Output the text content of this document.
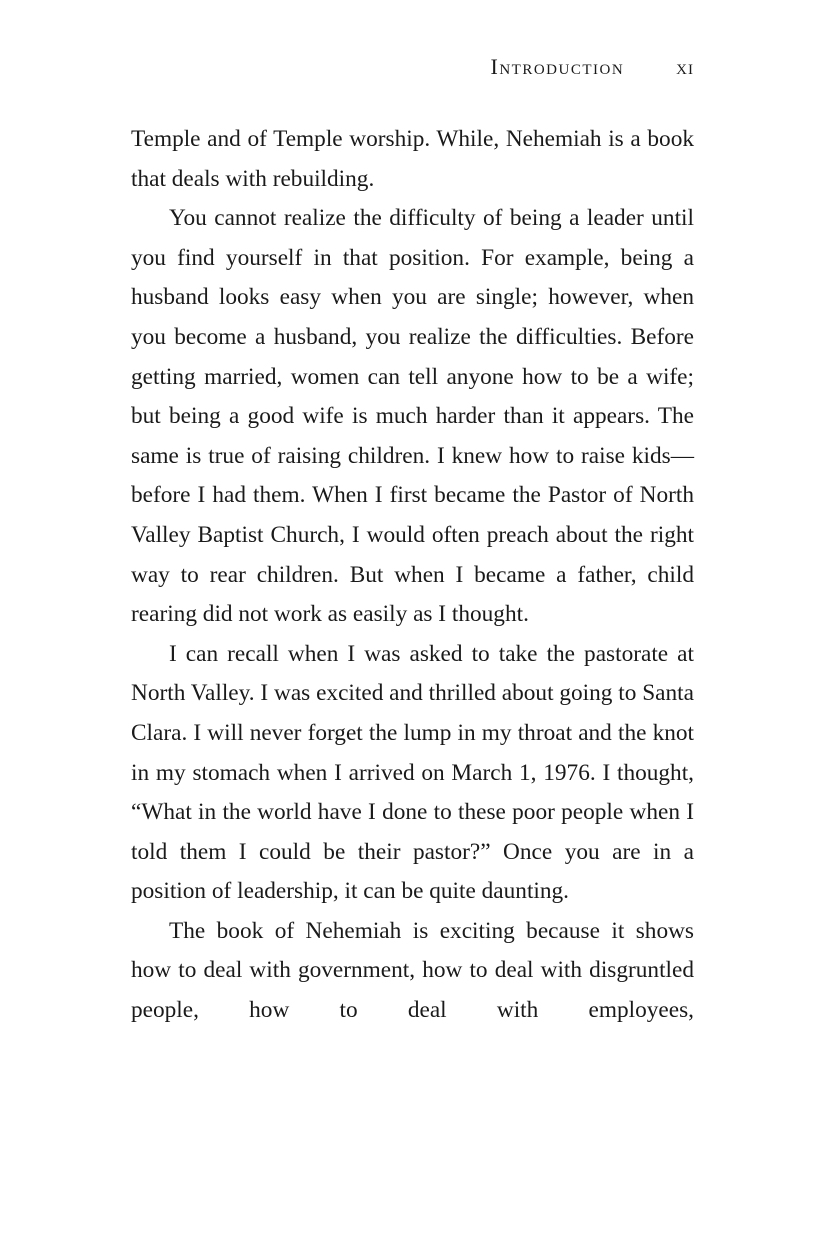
Introduction xi

Temple and of Temple worship. While, Nehemiah is a book that deals with rebuilding.

You cannot realize the difficulty of being a leader until you find yourself in that position. For example, being a husband looks easy when you are single; however, when you become a husband, you realize the difficulties. Before getting married, women can tell anyone how to be a wife; but being a good wife is much harder than it appears. The same is true of raising children. I knew how to raise kids—before I had them. When I first became the Pastor of North Valley Baptist Church, I would often preach about the right way to rear children. But when I became a father, child rearing did not work as easily as I thought.

I can recall when I was asked to take the pastorate at North Valley. I was excited and thrilled about going to Santa Clara. I will never forget the lump in my throat and the knot in my stomach when I arrived on March 1, 1976. I thought, “What in the world have I done to these poor people when I told them I could be their pastor?” Once you are in a position of leadership, it can be quite daunting.

The book of Nehemiah is exciting because it shows how to deal with government, how to deal with disgruntled people, how to deal with employees,
